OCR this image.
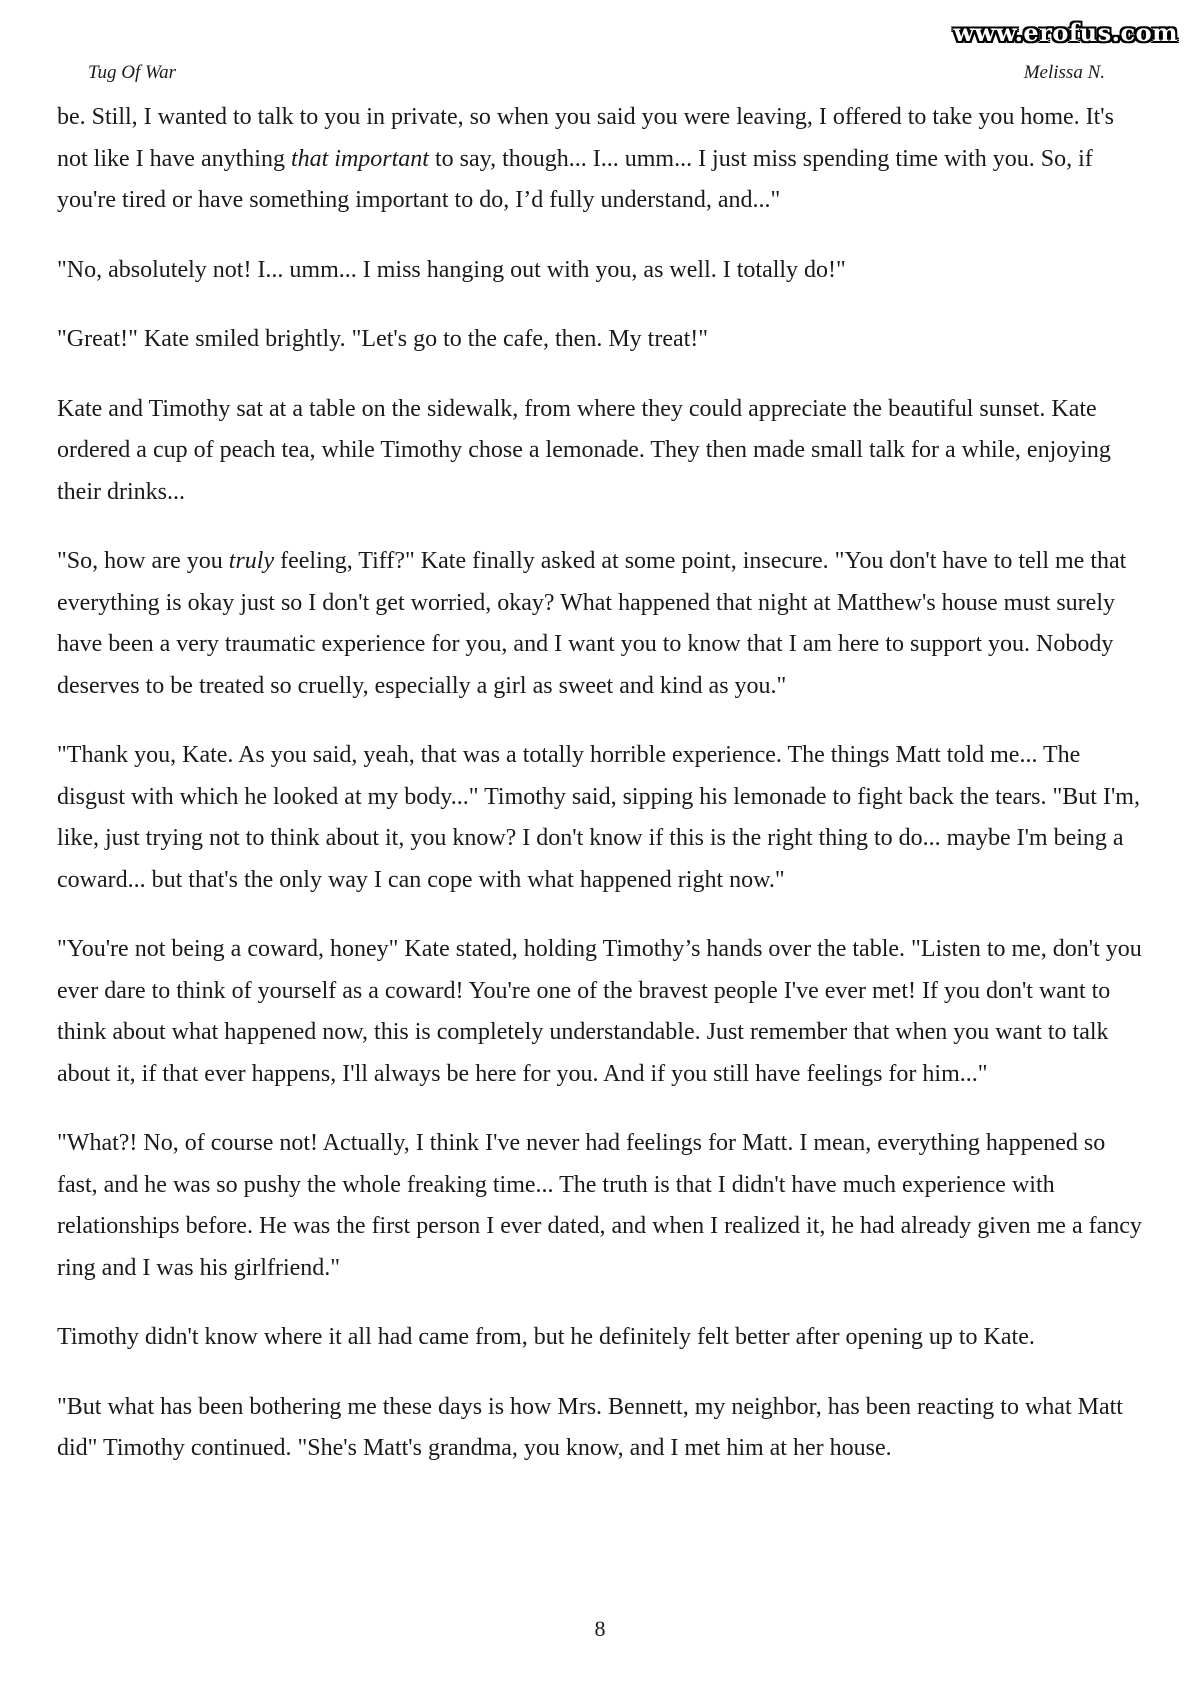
www.erofus.com
Tug Of War	Melissa N.

be. Still, I wanted to talk to you in private, so when you said you were leaving, I offered to take you home. It's not like I have anything that important to say, though... I... umm... I just miss spending time with you. So, if you're tired or have something important to do, I’d fully understand, and..."

"No, absolutely not! I... umm... I miss hanging out with you, as well. I totally do!"

"Great!" Kate smiled brightly. "Let's go to the cafe, then. My treat!"

Kate and Timothy sat at a table on the sidewalk, from where they could appreciate the beautiful sunset. Kate ordered a cup of peach tea, while Timothy chose a lemonade. They then made small talk for a while, enjoying their drinks...

"So, how are you truly feeling, Tiff?" Kate finally asked at some point, insecure. "You don't have to tell me that everything is okay just so I don't get worried, okay? What happened that night at Matthew's house must surely have been a very traumatic experience for you, and I want you to know that I am here to support you. Nobody deserves to be treated so cruelly, especially a girl as sweet and kind as you."

"Thank you, Kate. As you said, yeah, that was a totally horrible experience. The things Matt told me... The disgust with which he looked at my body..." Timothy said, sipping his lemonade to fight back the tears. "But I'm, like, just trying not to think about it, you know? I don't know if this is the right thing to do... maybe I'm being a coward... but that's the only way I can cope with what happened right now."

"You're not being a coward, honey" Kate stated, holding Timothy’s hands over the table. "Listen to me, don't you ever dare to think of yourself as a coward! You're one of the bravest people I've ever met! If you don't want to think about what happened now, this is completely understandable. Just remember that when you want to talk about it, if that ever happens, I'll always be here for you. And if you still have feelings for him..."

"What?! No, of course not! Actually, I think I've never had feelings for Matt. I mean, everything happened so fast, and he was so pushy the whole freaking time... The truth is that I didn't have much experience with relationships before. He was the first person I ever dated, and when I realized it, he had already given me a fancy ring and I was his girlfriend."

Timothy didn't know where it all had came from, but he definitely felt better after opening up to Kate.

"But what has been bothering me these days is how Mrs. Bennett, my neighbor, has been reacting to what Matt did" Timothy continued. "She's Matt's grandma, you know, and I met him at her house.

8
